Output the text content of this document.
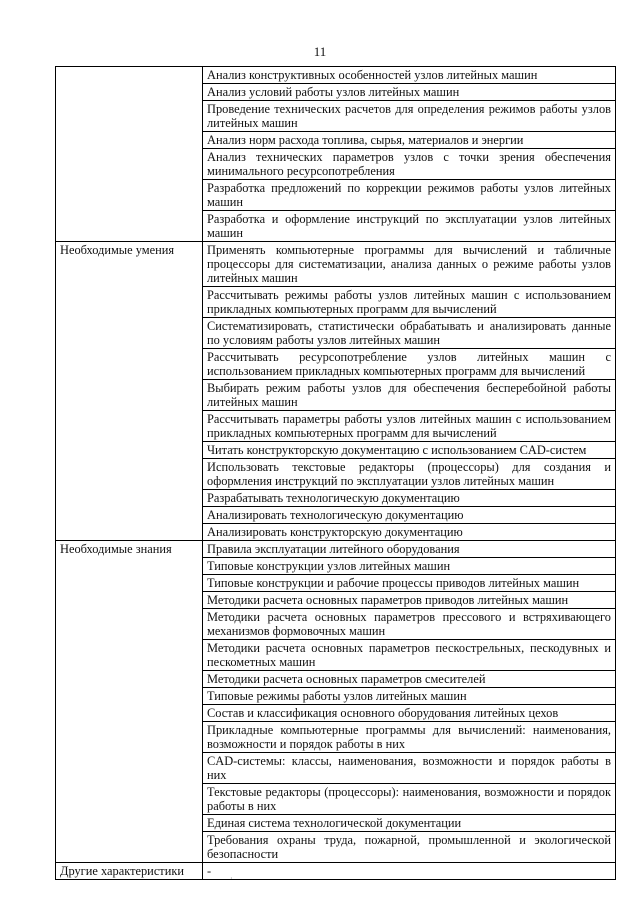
11
	Анализ конструктивных особенностей узлов литейных машин
	Анализ условий работы узлов литейных машин
	Проведение технических расчетов для определения режимов работы узлов литейных машин
	Анализ норм расхода топлива, сырья, материалов и энергии
	Анализ технических параметров узлов с точки зрения обеспечения минимального ресурсопотребления
	Разработка предложений по коррекции режимов работы узлов литейных машин
	Разработка и оформление инструкций по эксплуатации узлов литейных машин
Необходимые умения	Применять компьютерные программы для вычислений и табличные процессоры для систематизации, анализа данных о режиме работы узлов литейных машин
	Рассчитывать режимы работы узлов литейных машин с использованием прикладных компьютерных программ для вычислений
	Систематизировать, статистически обрабатывать и анализировать данные по условиям работы узлов литейных машин
	Рассчитывать ресурсопотребление узлов литейных машин с использованием прикладных компьютерных программ для вычислений
	Выбирать режим работы узлов для обеспечения бесперебойной работы литейных машин
	Рассчитывать параметры работы узлов литейных машин с использованием прикладных компьютерных программ для вычислений
	Читать конструкторскую документацию с использованием CAD-систем
	Использовать текстовые редакторы (процессоры) для создания и оформления инструкций по эксплуатации узлов литейных машин
	Разрабатывать технологическую документацию
	Анализировать технологическую документацию
	Анализировать конструкторскую документацию
Необходимые знания	Правила эксплуатации литейного оборудования
	Типовые конструкции узлов литейных машин
	Типовые конструкции и рабочие процессы приводов литейных машин
	Методики расчета основных параметров приводов литейных машин
	Методики расчета основных параметров прессового и встряхивающего механизмов формовочных машин
	Методики расчета основных параметров пескострельных, пескодувных и пескометных машин
	Методики расчета основных параметров смесителей
	Типовые режимы работы узлов литейных машин
	Состав и классификация основного оборудования литейных цехов
	Прикладные компьютерные программы для вычислений: наименования, возможности и порядок работы в них
	CAD-системы: классы, наименования, возможности и порядок работы в них
	Текстовые редакторы (процессоры): наименования, возможности и порядок работы в них
	Единая система технологической документации
	Требования охраны труда, пожарной, промышленной и экологической безопасности
Другие характеристики	-
·
